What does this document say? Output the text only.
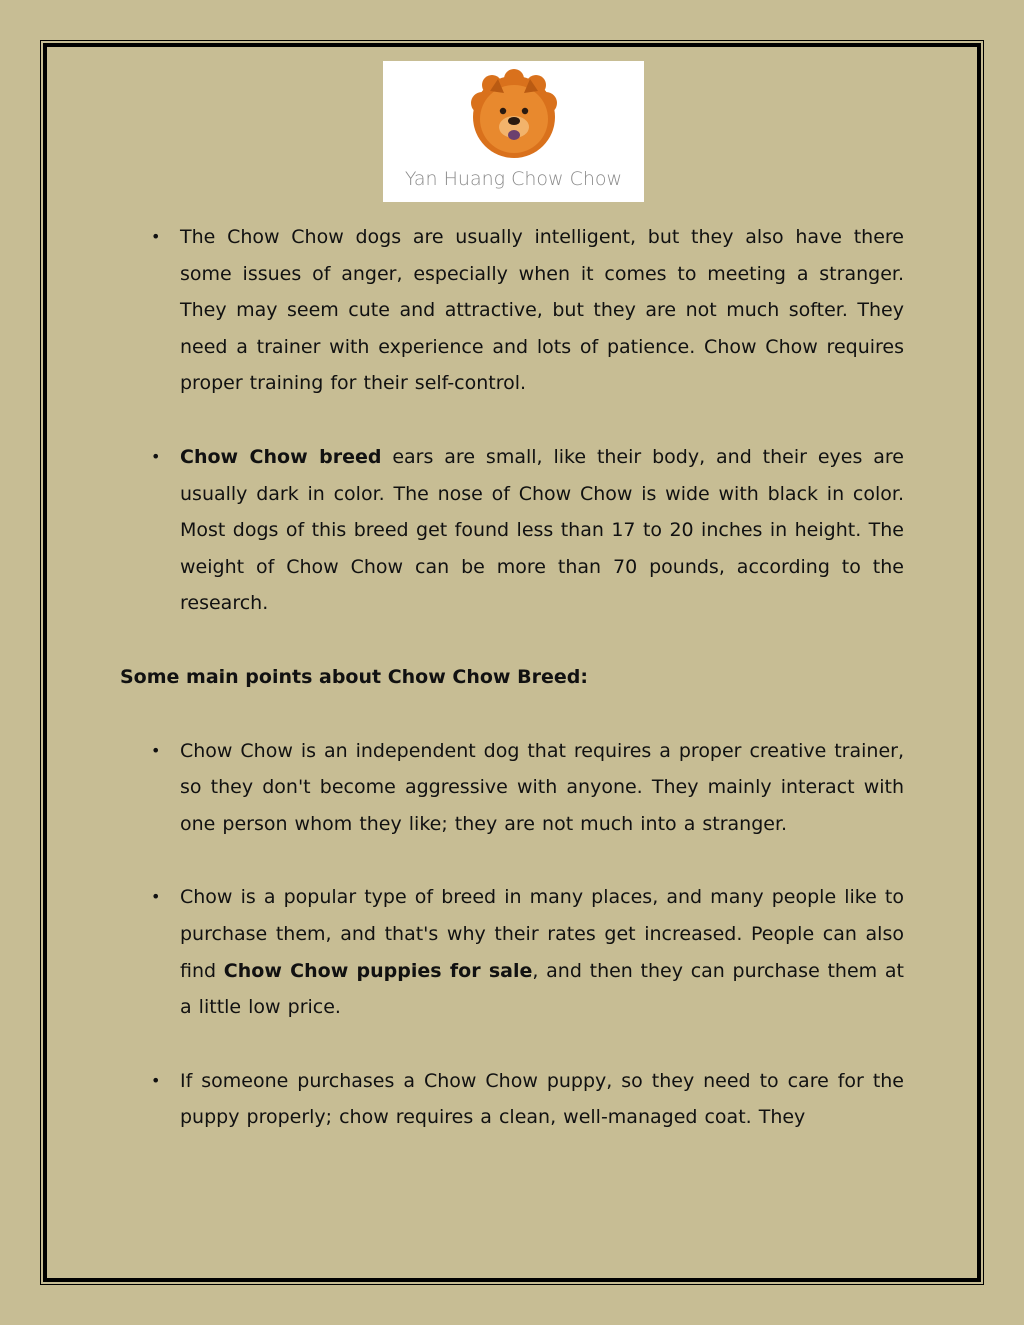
Yan Huang Chow Chow
• The Chow Chow dogs are usually intelligent, but they also have there some issues of anger, especially when it comes to meeting a stranger. They may seem cute and attractive, but they are not much softer. They need a trainer with experience and lots of patience. Chow Chow requires proper training for their self-control.
• Chow Chow breed ears are small, like their body, and their eyes are usually dark in color. The nose of Chow Chow is wide with black in color. Most dogs of this breed get found less than 17 to 20 inches in height. The weight of Chow Chow can be more than 70 pounds, according to the research.
Some main points about Chow Chow Breed:
• Chow Chow is an independent dog that requires a proper creative trainer, so they don't become aggressive with anyone. They mainly interact with one person whom they like; they are not much into a stranger.
• Chow is a popular type of breed in many places, and many people like to purchase them, and that's why their rates get increased. People can also find Chow Chow puppies for sale, and then they can purchase them at a little low price.
• If someone purchases a Chow Chow puppy, so they need to care for the puppy properly; chow requires a clean, well-managed coat. They
